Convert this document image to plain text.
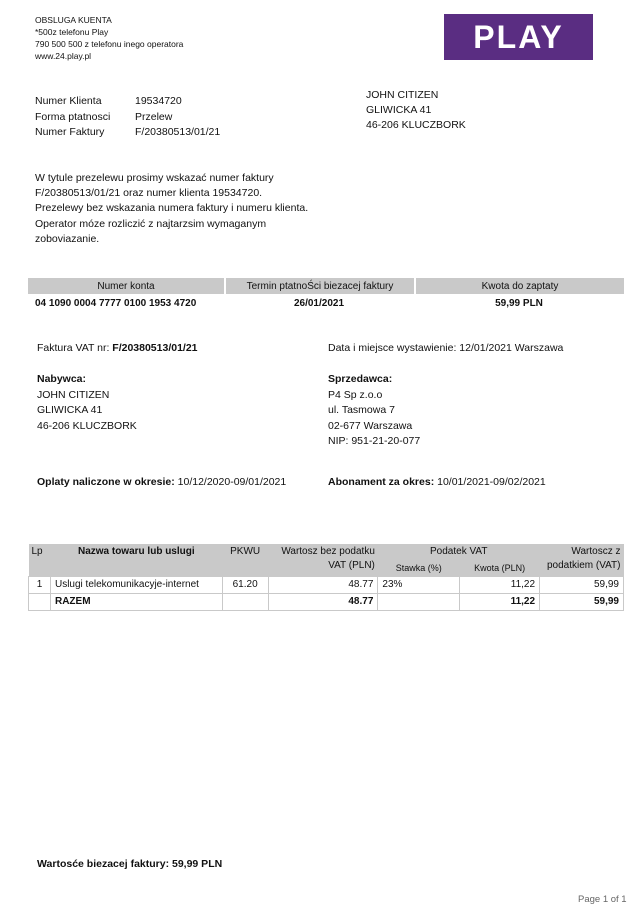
OBSLUGA KUENTA
*500z telefonu Play
790 500 500 z telefonu inego operatora
www.24.play.pl
PLAY
Numer Klienta	19534720
Forma ptatnosci	Przelew
Numer Faktury	F/20380513/01/21
JOHN CITIZEN
GLIWICKA 41
46-206 KLUCZBORK
W tytule prezelewu prosimy wskazać numer faktury
F/20380513/01/21 oraz numer klienta 19534720.
Prezelewy bez wskazania numera faktury i numeru klienta.
Operator móze rozliczić z najtarzsim wymaganym
zoboviazanie.
Numer konta	Termin ptatnoŚci biezacej faktury	Kwota do zaptaty
04 1090 0004 7777 0100 1953 4720	26/01/2021	59,99 PLN
Faktura VAT nr: F/20380513/01/21	Data i miejsce wystawienie: 12/01/2021 Warszawa
Nabywca:
JOHN CITIZEN
GLIWICKA 41
46-206 KLUCZBORK
Sprzedawca:
P4 Sp z.o.o
ul. Tasmowa 7
02-677 Warszawa
NIP: 951-21-20-077
Oplaty naliczone w okresie: 10/12/2020-09/01/2021	Abonament za okres: 10/01/2021-09/02/2021
Lp	Nazwa towaru lub uslugi	PKWU	Wartosz bez podatku VAT (PLN)	Podatek VAT		Wartoscz z podatkiem (VAT)
				Stawka (%)	Kwota (PLN)	
1	Uslugi telekomunikacyje-internet	61.20	48.77	23%	11,22	59,99
	RAZEM		48.77		11,22	59,99
Wartosće biezacej faktury: 59,99 PLN
Page 1 of 1
